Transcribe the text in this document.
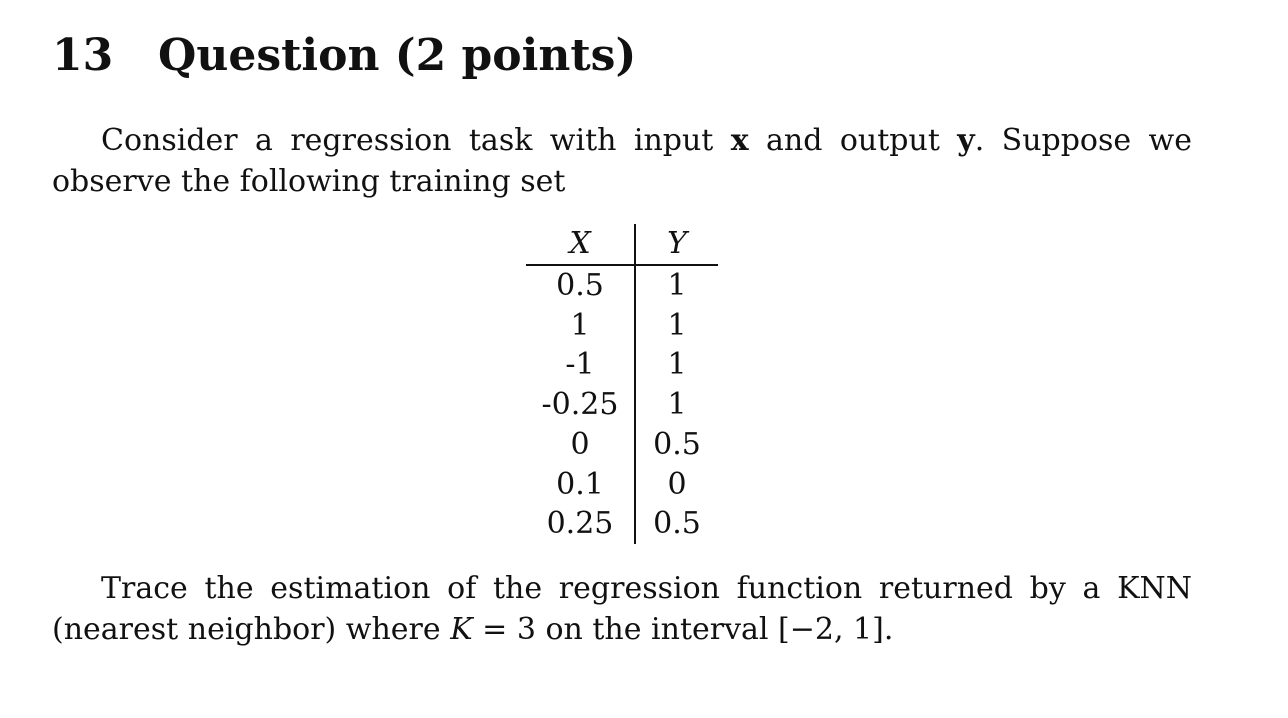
13	Question (2 points)

Consider a regression task with input x and output y. Suppose we observe the following training set

X	Y
0.5	1
1	1
-1	1
-0.25	1
0	0.5
0.1	0
0.25	0.5

Trace the estimation of the regression function returned by a KNN (nearest neighbor) where K = 3 on the interval [−2, 1].
